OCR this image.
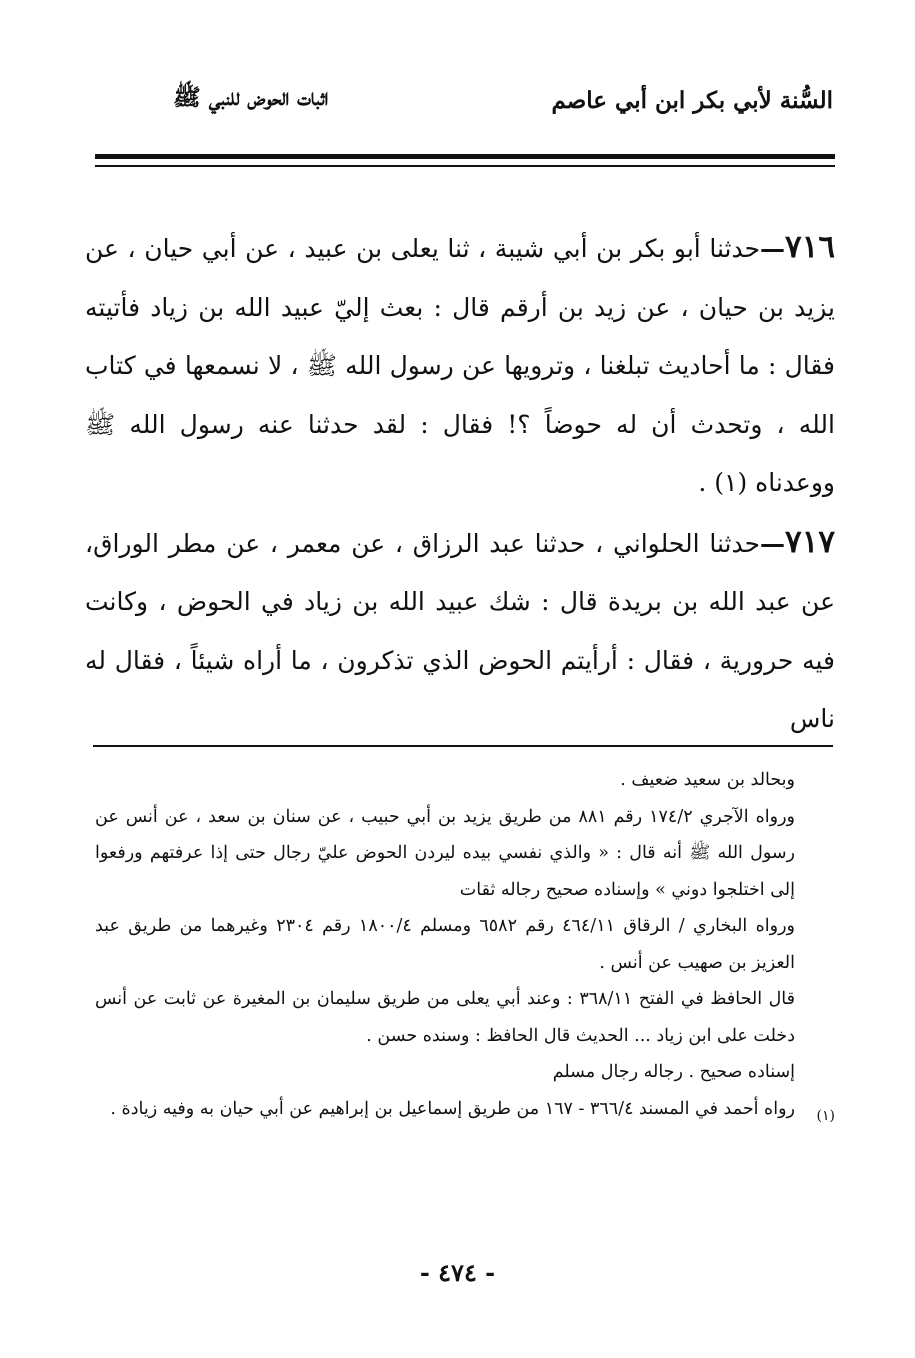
السُّنة لأبي بكر ابن أبي عاصم
اثبات الحوض للنبي ﷺ

٧١٦—حدثنا أبو بكر بن أبي شيبة ، ثنا يعلى بن عبيد ، عن أبي حيان ، عن يزيد بن حيان ، عن زيد بن أرقم قال : بعث إليّ عبيد الله بن زياد فأتيته فقال : ما أحاديث تبلغنا ، وترويها عن رسول الله ﷺ ، لا نسمعها في كتاب الله ، وتحدث أن له حوضاً ؟! فقال : لقد حدثنا عنه رسول الله ﷺ ووعدناه (١) .

٧١٧—حدثنا الحلواني ، حدثنا عبد الرزاق ، عن معمر ، عن مطر الوراق، عن عبد الله بن بريدة قال : شك عبيد الله بن زياد في الحوض ، وكانت فيه حرورية ، فقال : أرأيتم الحوض الذي تذكرون ، ما أراه شيئاً ، فقال له ناس

وبحالد بن سعيد ضعيف .

ورواه الآجري ١٧٤/٢ رقم ٨٨١ من طريق يزيد بن أبي حبيب ، عن سنان بن سعد ، عن أنس عن رسول الله ﷺ أنه قال : « والذي نفسي بيده ليردن الحوض عليّ رجال حتى إذا عرفتهم ورفعوا إلى اختلجوا دوني » وإسناده صحيح رجاله ثقات

ورواه البخاري / الرقاق ٤٦٤/١١ رقم ٦٥٨٢ ومسلم ١٨٠٠/٤ رقم ٢٣٠٤ وغيرهما من طريق عبد العزيز بن صهيب عن أنس .

قال الحافظ في الفتح ٣٦٨/١١ : وعند أبي يعلى من طريق سليمان بن المغيرة عن ثابت عن أنس دخلت على ابن زياد ... الحديث قال الحافظ : وسنده حسن .

إسناده صحيح . رجاله رجال مسلم

رواه أحمد في المسند ٣٦٦/٤ - ١٦٧ من طريق إسماعيل بن إبراهيم عن أبي حيان به وفيه زيادة .	(١)
- ٤٧٤ -
